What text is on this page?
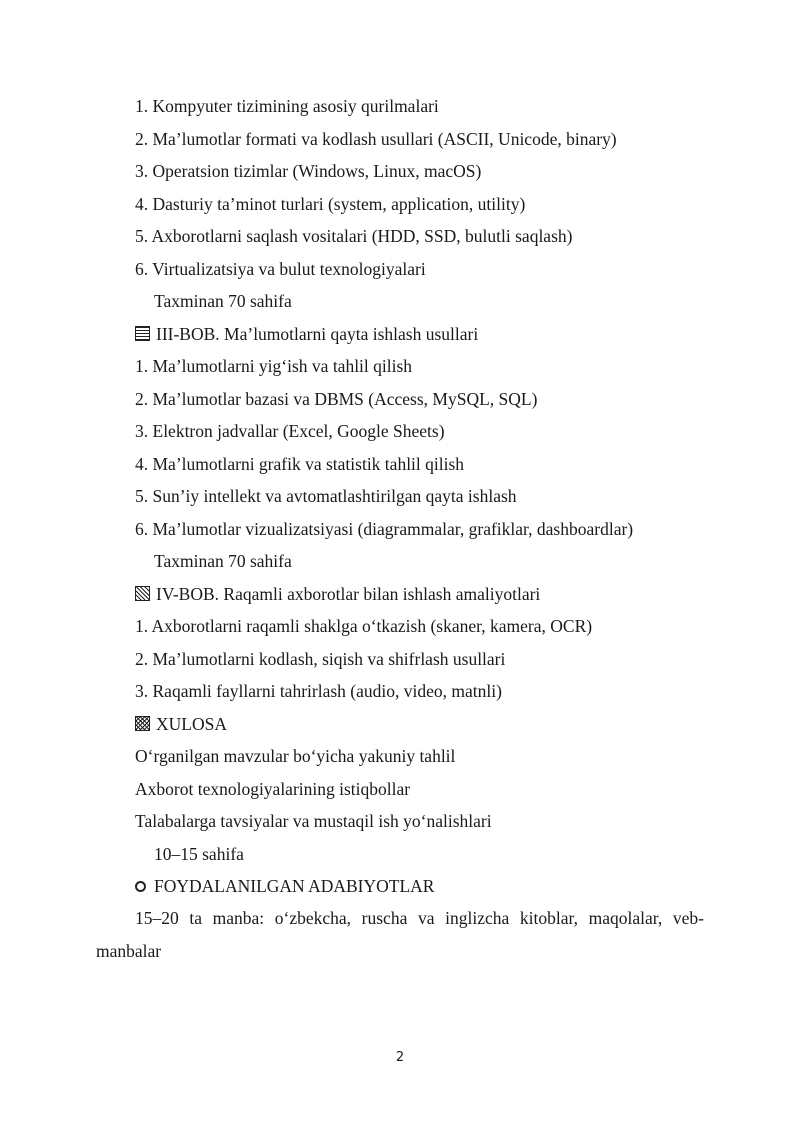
1. Kompyuter tizimining asosiy qurilmalari
2. Ma’lumotlar formati va kodlash usullari (ASCII, Unicode, binary)
3. Operatsion tizimlar (Windows, Linux, macOS)
4. Dasturiy ta’minot turlari (system, application, utility)
5. Axborotlarni saqlash vositalari (HDD, SSD, bulutli saqlash)
6. Virtualizatsiya va bulut texnologiyalari
Taxminan 70 sahifa
III-BOB. Ma’lumotlarni qayta ishlash usullari
1. Ma’lumotlarni yig‘ish va tahlil qilish
2. Ma’lumotlar bazasi va DBMS (Access, MySQL, SQL)
3. Elektron jadvallar (Excel, Google Sheets)
4. Ma’lumotlarni grafik va statistik tahlil qilish
5. Sun’iy intellekt va avtomatlashtirilgan qayta ishlash
6. Ma’lumotlar vizualizatsiyasi (diagrammalar, grafiklar, dashboardlar)
Taxminan 70 sahifa
IV-BOB. Raqamli axborotlar bilan ishlash amaliyotlari
1. Axborotlarni raqamli shaklga o‘tkazish (skaner, kamera, OCR)
2. Ma’lumotlarni kodlash, siqish va shifrlash usullari
3. Raqamli fayllarni tahrirlash (audio, video, matnli)
XULOSA
O‘rganilgan mavzular bo‘yicha yakuniy tahlil
Axborot texnologiyalarining istiqbollar
Talabalarga tavsiyalar va mustaqil ish yo‘nalishlari
10–15 sahifa
FOYDALANILGAN ADABIYOTLAR
15–20 ta manba: o‘zbekcha, ruscha va inglizcha kitoblar, maqolalar, veb-manbalar
2
